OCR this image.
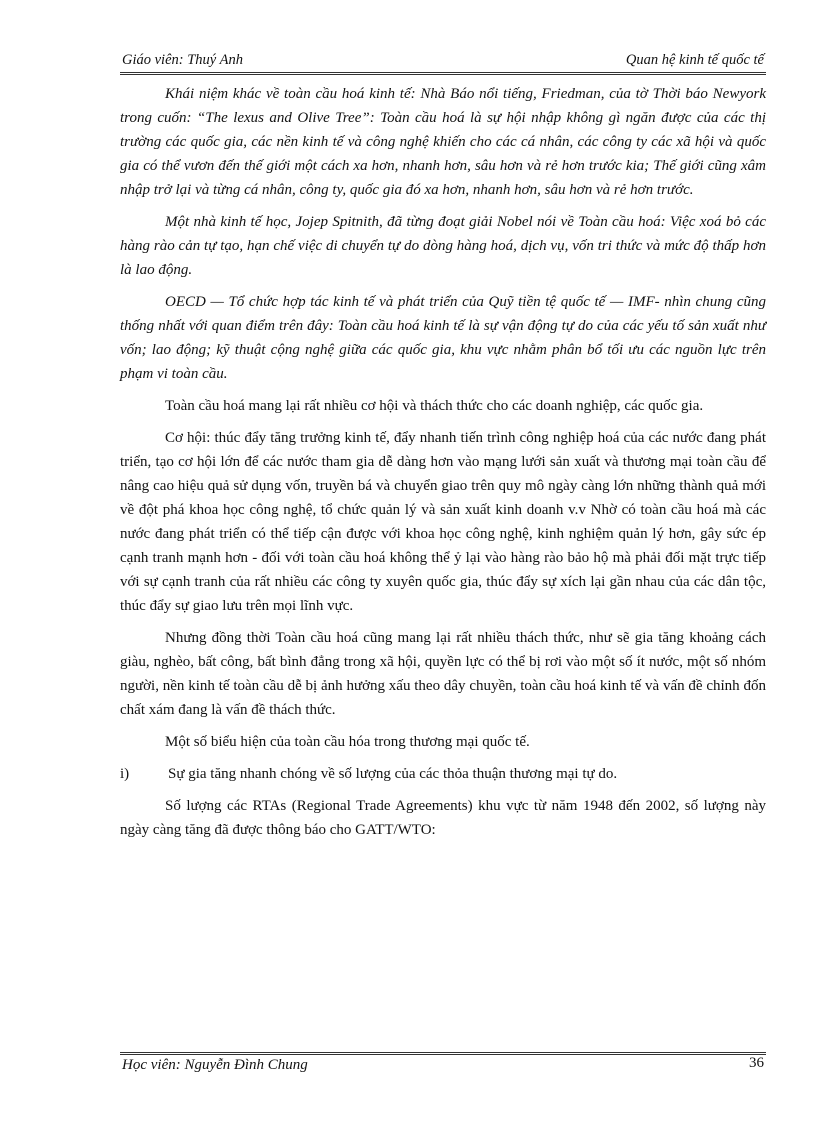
Giáo viên: Thuý Anh	Quan hệ kinh tế quốc tế

Khái niệm khác về toàn cầu hoá kinh tế: Nhà Báo nổi tiếng, Friedman, của tờ Thời báo Newyork trong cuốn: “The lexus and Olive Tree”: Toàn cầu hoá là sự hội nhập không gì ngăn được của các thị trường các quốc gia, các nền kinh tế và công nghệ khiến cho các cá nhân, các công ty các xã hội và quốc gia có thể vươn đến thế giới một cách xa hơn, nhanh hơn, sâu hơn và rẻ hơn trước kia; Thế giới cũng xâm nhập trở lại và từng cá nhân, công ty, quốc gia đó xa hơn, nhanh hơn, sâu hơn và rẻ hơn trước.

Một nhà kinh tế học, Jojep Spitnith, đã từng đoạt giải Nobel nói về Toàn cầu hoá: Việc xoá bỏ các hàng rào cản tự tạo, hạn chế việc di chuyển tự do dòng hàng hoá, dịch vụ, vốn tri thức và mức độ thấp hơn là lao động.

OECD — Tổ chức hợp tác kinh tế và phát triển của Quỹ tiền tệ quốc tế — IMF- nhìn chung cũng thống nhất với quan điểm trên đây: Toàn cầu hoá kinh tế là sự vận động tự do của các yếu tố sản xuất như vốn; lao động; kỹ thuật cộng nghệ giữa các quốc gia, khu vực nhằm phân bổ tối ưu các nguồn lực trên phạm vi toàn cầu.

Toàn cầu hoá mang lại rất nhiều cơ hội và thách thức cho các doanh nghiệp, các quốc gia.

Cơ hội: thúc đẩy tăng trưởng kinh tế, đẩy nhanh tiến trình công nghiệp hoá của các nước đang phát triển, tạo cơ hội lớn để các nước tham gia dễ dàng hơn vào mạng lưới sản xuất và thương mại toàn cầu để nâng cao hiệu quả sử dụng vốn, truyền bá và chuyển giao trên quy mô ngày càng lớn những thành quả mới về đột phá khoa học công nghệ, tổ chức quản lý và sản xuất kinh doanh v.v Nhờ có toàn cầu hoá mà các nước đang phát triển có thể tiếp cận được với khoa học công nghệ, kinh nghiệm quản lý hơn, gây sức ép cạnh tranh mạnh hơn - đối với toàn cầu hoá không thể ỷ lại vào hàng rào bảo hộ mà phải đối mặt trực tiếp với sự cạnh tranh của rất nhiều các công ty xuyên quốc gia, thúc đẩy sự xích lại gần nhau của các dân tộc, thúc đẩy sự giao lưu trên mọi lĩnh vực.

Nhưng đồng thời Toàn cầu hoá cũng mang lại rất nhiều thách thức, như sẽ gia tăng khoảng cách giàu, nghèo, bất công, bất bình đẳng trong xã hội, quyền lực có thể bị rơi vào một số ít nước, một số nhóm người, nền kinh tế toàn cầu dễ bị ảnh hưởng xấu theo dây chuyền, toàn cầu hoá kinh tế và vấn đề chỉnh đốn chất xám đang là vấn đề thách thức.

Một số biểu hiện của toàn cầu hóa trong thương mại quốc tế.

i)	Sự gia tăng nhanh chóng về số lượng của các thỏa thuận thương mại tự do.

Số lượng các RTAs (Regional Trade Agreements) khu vực từ năm 1948 đến 2002, số lượng này ngày càng tăng đã được thông báo cho GATT/WTO:

Học viên: Nguyễn Đình Chung	36
